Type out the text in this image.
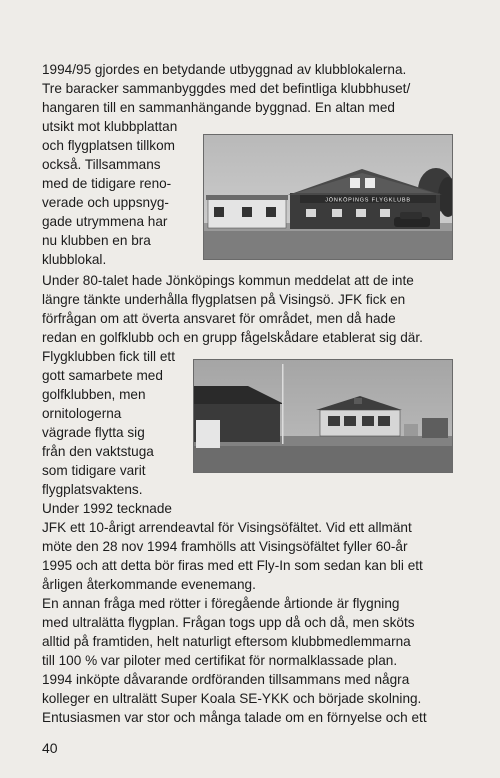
1994/95 gjordes en betydande utbyggnad av klubblokalerna.

Tre baracker sammanbyggdes med det befintliga klubbhuset/

hangaren till en sammanhängande byggnad. En altan med

utsikt mot klubbplattan

och flygplatsen tillkom

också. Tillsammans

med de tidigare reno-

verade och uppsnyg-

gade utrymmena har

nu klubben en bra

klubblokal.

JÖNKÖPINGS FLYGKLUBB

Under 80-talet hade Jönköpings kommun meddelat att de inte

längre tänkte underhålla flygplatsen på Visingsö. JFK fick en

förfrågan om att överta ansvaret för området, men då hade

redan en golfklubb och en grupp fågelskådare etablerat sig där.

Flygklubben fick till ett

gott samarbete med

golfklubben, men

ornitologerna

vägrade flytta sig

från den vaktstuga

som tidigare varit

flygplatsvaktens.

Under 1992 tecknade

JFK ett 10-årigt arrendeavtal för Visingsöfältet. Vid ett allmänt

möte den 28 nov 1994 framhölls att Visingsöfältet fyller 60-år

1995 och att detta bör firas med ett Fly-In som sedan kan bli ett

årligen återkommande evenemang.

En annan fråga med rötter i föregående årtionde är flygning

med ultralätta flygplan. Frågan togs upp då och då, men sköts

alltid på framtiden, helt naturligt eftersom klubbmedlemmarna

till 100 % var piloter med certifikat för normalklassade plan.

1994 inköpte dåvarande ordföranden tillsammans med några

kolleger en ultralätt Super Koala SE-YKK och började skolning.

Entusiasmen var stor och många talade om en förnyelse och ett

40
